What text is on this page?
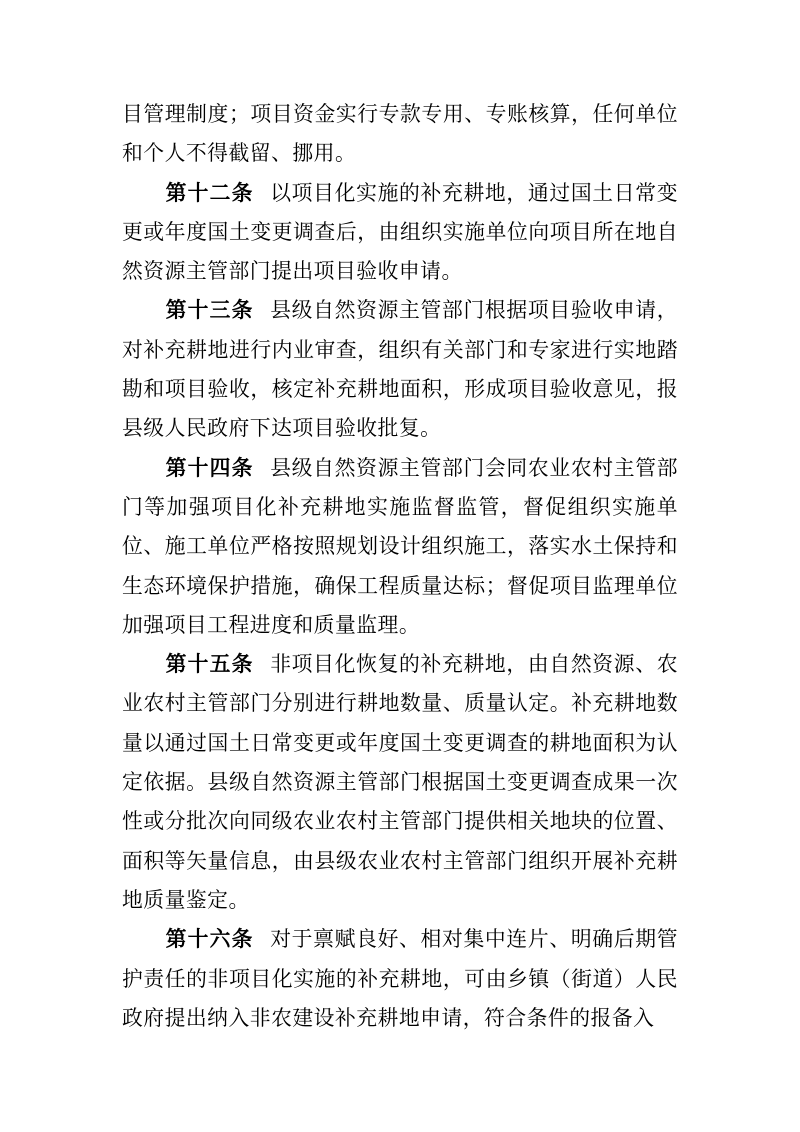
目管理制度；项目资金实行专款专用、专账核算，任何单位和个人不得截留、挪用。

第十二条 以项目化实施的补充耕地，通过国土日常变更或年度国土变更调查后，由组织实施单位向项目所在地自然资源主管部门提出项目验收申请。

第十三条 县级自然资源主管部门根据项目验收申请，对补充耕地进行内业审查，组织有关部门和专家进行实地踏勘和项目验收，核定补充耕地面积，形成项目验收意见，报县级人民政府下达项目验收批复。

第十四条 县级自然资源主管部门会同农业农村主管部门等加强项目化补充耕地实施监督监管，督促组织实施单位、施工单位严格按照规划设计组织施工，落实水土保持和生态环境保护措施，确保工程质量达标；督促项目监理单位加强项目工程进度和质量监理。

第十五条 非项目化恢复的补充耕地，由自然资源、农业农村主管部门分别进行耕地数量、质量认定。补充耕地数量以通过国土日常变更或年度国土变更调查的耕地面积为认定依据。县级自然资源主管部门根据国土变更调查成果一次性或分批次向同级农业农村主管部门提供相关地块的位置、面积等矢量信息，由县级农业农村主管部门组织开展补充耕地质量鉴定。

第十六条 对于禀赋良好、相对集中连片、明确后期管护责任的非项目化实施的补充耕地，可由乡镇（街道）人民政府提出纳入非农建设补充耕地申请，符合条件的报备入
